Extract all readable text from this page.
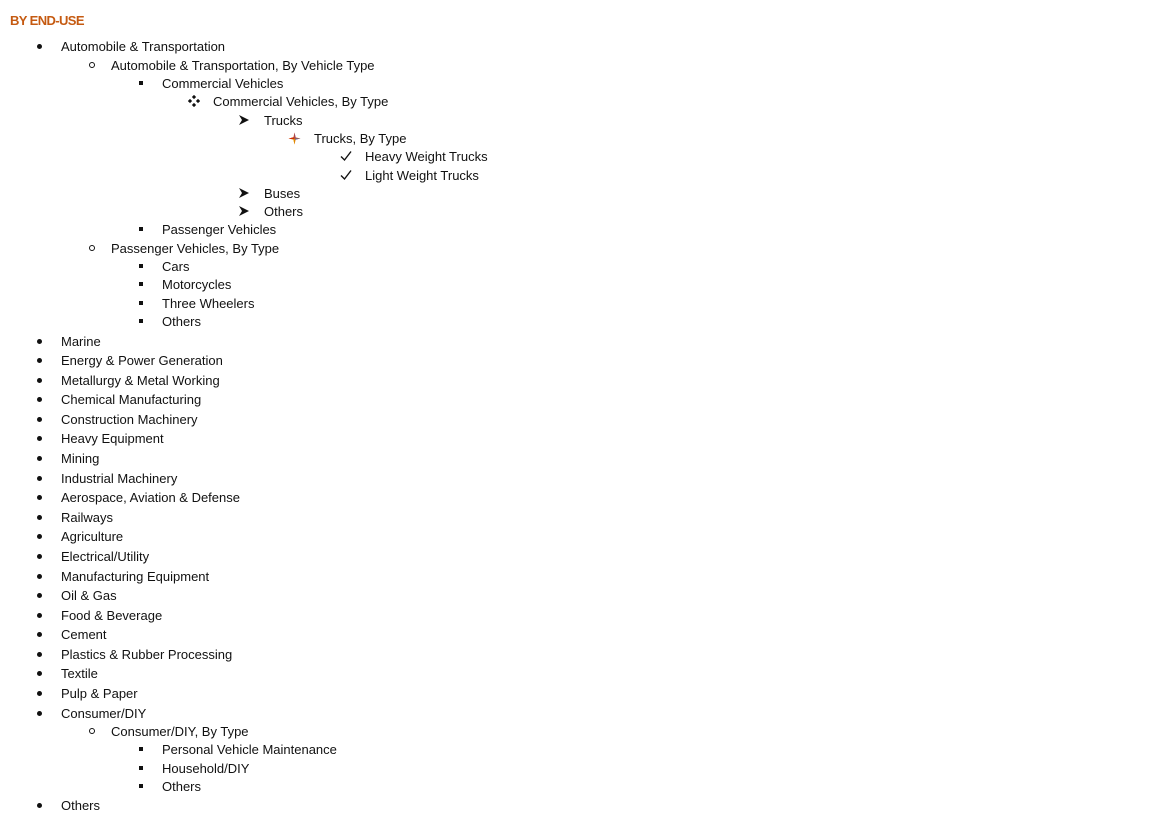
BY END-USE
Automobile & Transportation
Automobile & Transportation, By Vehicle Type
Commercial Vehicles
Commercial Vehicles, By Type
Trucks
Trucks, By Type
Heavy Weight Trucks
Light Weight Trucks
Buses
Others
Passenger Vehicles
Passenger Vehicles, By Type
Cars
Motorcycles
Three Wheelers
Others
Marine
Energy & Power Generation
Metallurgy & Metal Working
Chemical Manufacturing
Construction Machinery
Heavy Equipment
Mining
Industrial Machinery
Aerospace, Aviation & Defense
Railways
Agriculture
Electrical/Utility
Manufacturing Equipment
Oil & Gas
Food & Beverage
Cement
Plastics & Rubber Processing
Textile
Pulp & Paper
Consumer/DIY
Consumer/DIY, By Type
Personal Vehicle Maintenance
Household/DIY
Others
Others
